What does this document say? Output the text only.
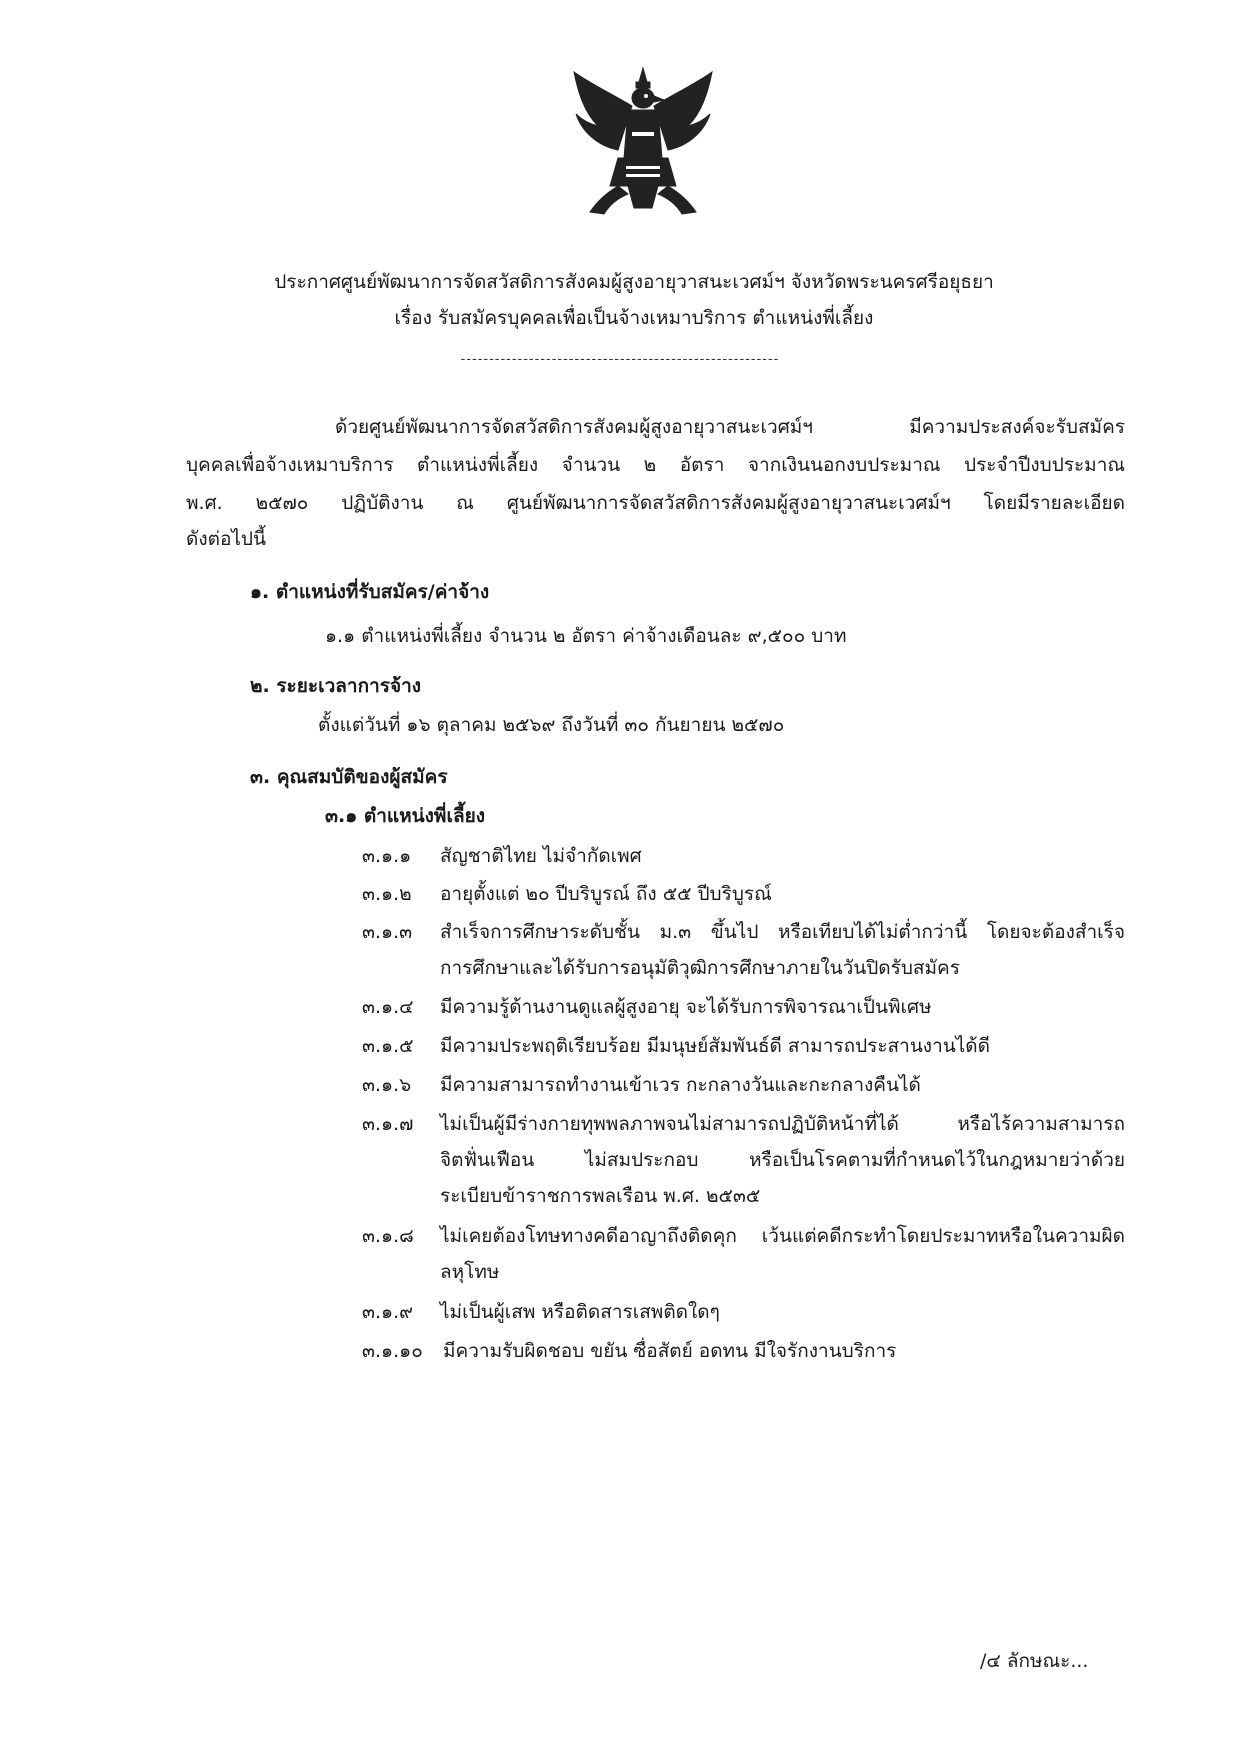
ประกาศศูนย์พัฒนาการจัดสวัสดิการสังคมผู้สูงอายุวาสนะเวศม์ฯ จังหวัดพระนครศรีอยุธยา
เรื่อง รับสมัครบุคคลเพื่อเป็นจ้างเหมาบริการ ตำแหน่งพี่เลี้ยง
--------------------------------------------------------
ด้วยศูนย์พัฒนาการจัดสวัสดิการสังคมผู้สูงอายุวาสนะเวศม์ฯ มีความประสงค์จะรับสมัคร
บุคคลเพื่อจ้างเหมาบริการ ตำแหน่งพี่เลี้ยง จำนวน ๒ อัตรา จากเงินนอกงบประมาณ ประจำปีงบประมาณ
พ.ศ. ๒๕๗๐ ปฏิบัติงาน ณ ศูนย์พัฒนาการจัดสวัสดิการสังคมผู้สูงอายุวาสนะเวศม์ฯ โดยมีรายละเอียด
ดังต่อไปนี้
๑. ตำแหน่งที่รับสมัคร/ค่าจ้าง
๑.๑ ตำแหน่งพี่เลี้ยง จำนวน ๒ อัตรา ค่าจ้างเดือนละ ๙,๕๐๐ บาท
๒. ระยะเวลาการจ้าง
ตั้งแต่วันที่ ๑๖ ตุลาคม ๒๕๖๙ ถึงวันที่ ๓๐ กันยายน ๒๕๗๐
๓. คุณสมบัติของผู้สมัคร
๓.๑ ตำแหน่งพี่เลี้ยง
๓.๑.๑ สัญชาติไทย ไม่จำกัดเพศ
๓.๑.๒ อายุตั้งแต่ ๒๐ ปีบริบูรณ์ ถึง ๕๕ ปีบริบูรณ์
๓.๑.๓ สำเร็จการศึกษาระดับชั้น ม.๓ ขึ้นไป หรือเทียบได้ไม่ต่ำกว่านี้ โดยจะต้องสำเร็จ
การศึกษาและได้รับการอนุมัติวุฒิการศึกษาภายในวันปิดรับสมัคร
๓.๑.๔ มีความรู้ด้านงานดูแลผู้สูงอายุ จะได้รับการพิจารณาเป็นพิเศษ
๓.๑.๕ มีความประพฤติเรียบร้อย มีมนุษย์สัมพันธ์ดี สามารถประสานงานได้ดี
๓.๑.๖ มีความสามารถทำงานเข้าเวร กะกลางวันและกะกลางคืนได้
๓.๑.๗ ไม่เป็นผู้มีร่างกายทุพพลภาพจนไม่สามารถปฏิบัติหน้าที่ได้ หรือไร้ความสามารถ
จิตฟั่นเฟือน ไม่สมประกอบ หรือเป็นโรคตามที่กำหนดไว้ในกฎหมายว่าด้วย
ระเบียบข้าราชการพลเรือน พ.ศ. ๒๕๓๕
๓.๑.๘ ไม่เคยต้องโทษทางคดีอาญาถึงติดคุก เว้นแต่คดีกระทำโดยประมาทหรือในความผิด
ลหุโทษ
๓.๑.๙ ไม่เป็นผู้เสพ หรือติดสารเสพติดใดๆ
๓.๑.๑๐ มีความรับผิดชอบ ขยัน ซื่อสัตย์ อดทน มีใจรักงานบริการ
/๔ ลักษณะ...
